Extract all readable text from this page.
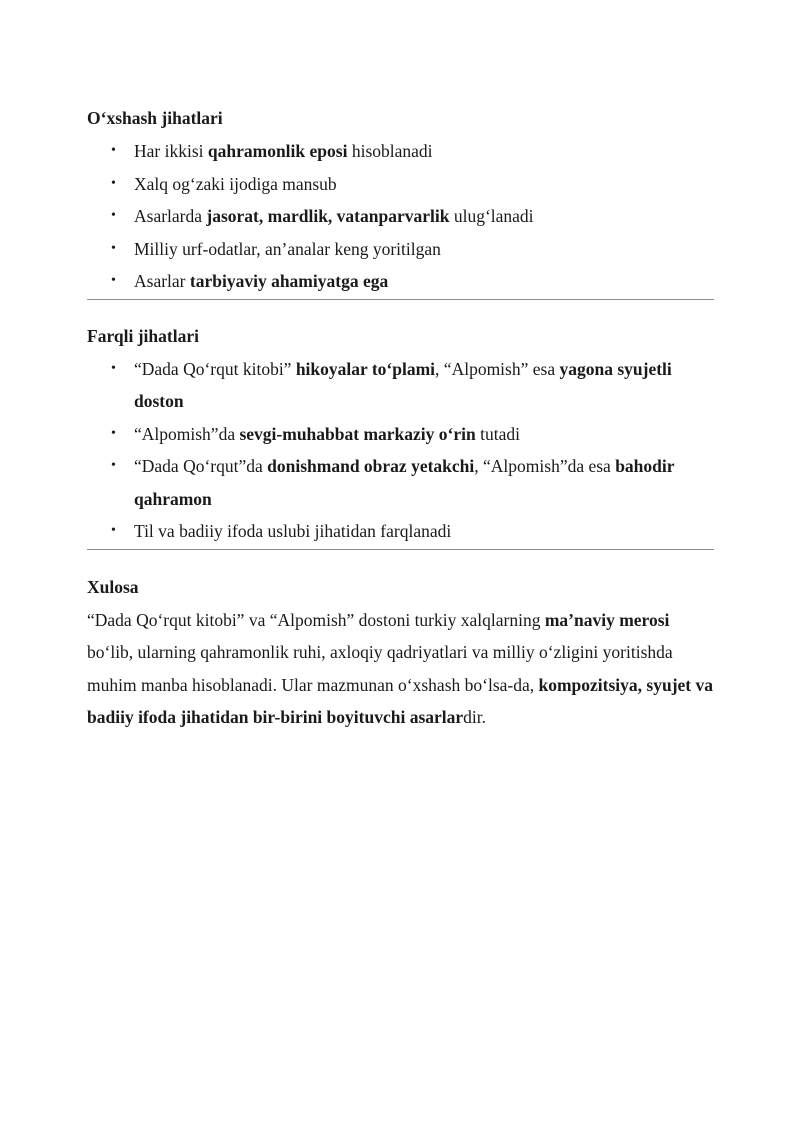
O‘xshash jihatlari
• Har ikkisi qahramonlik eposi hisoblanadi
• Xalq og‘zaki ijodiga mansub
• Asarlarda jasorat, mardlik, vatanparvarlik ulug‘lanadi
• Milliy urf-odatlar, an’analar keng yoritilgan
• Asarlar tarbiyaviy ahamiyatga ega
Farqli jihatlari
• “Dada Qo‘rqut kitobi” hikoyalar to‘plami, “Alpomish” esa yagona syujetli doston
• “Alpomish”da sevgi-muhabbat markaziy o‘rin tutadi
• “Dada Qo‘rqut”da donishmand obraz yetakchi, “Alpomish”da esa bahodir qahramon
• Til va badiiy ifoda uslubi jihatidan farqlanadi
Xulosa

“Dada Qo‘rqut kitobi” va “Alpomish” dostoni turkiy xalqlarning ma’naviy merosi bo‘lib, ularning qahramonlik ruhi, axloqiy qadriyatlari va milliy o‘zligini yoritishda muhim manba hisoblanadi. Ular mazmunan o‘xshash bo‘lsa-da, kompozitsiya, syujet va badiiy ifoda jihatidan bir-birini boyituvchi asarlardir.
